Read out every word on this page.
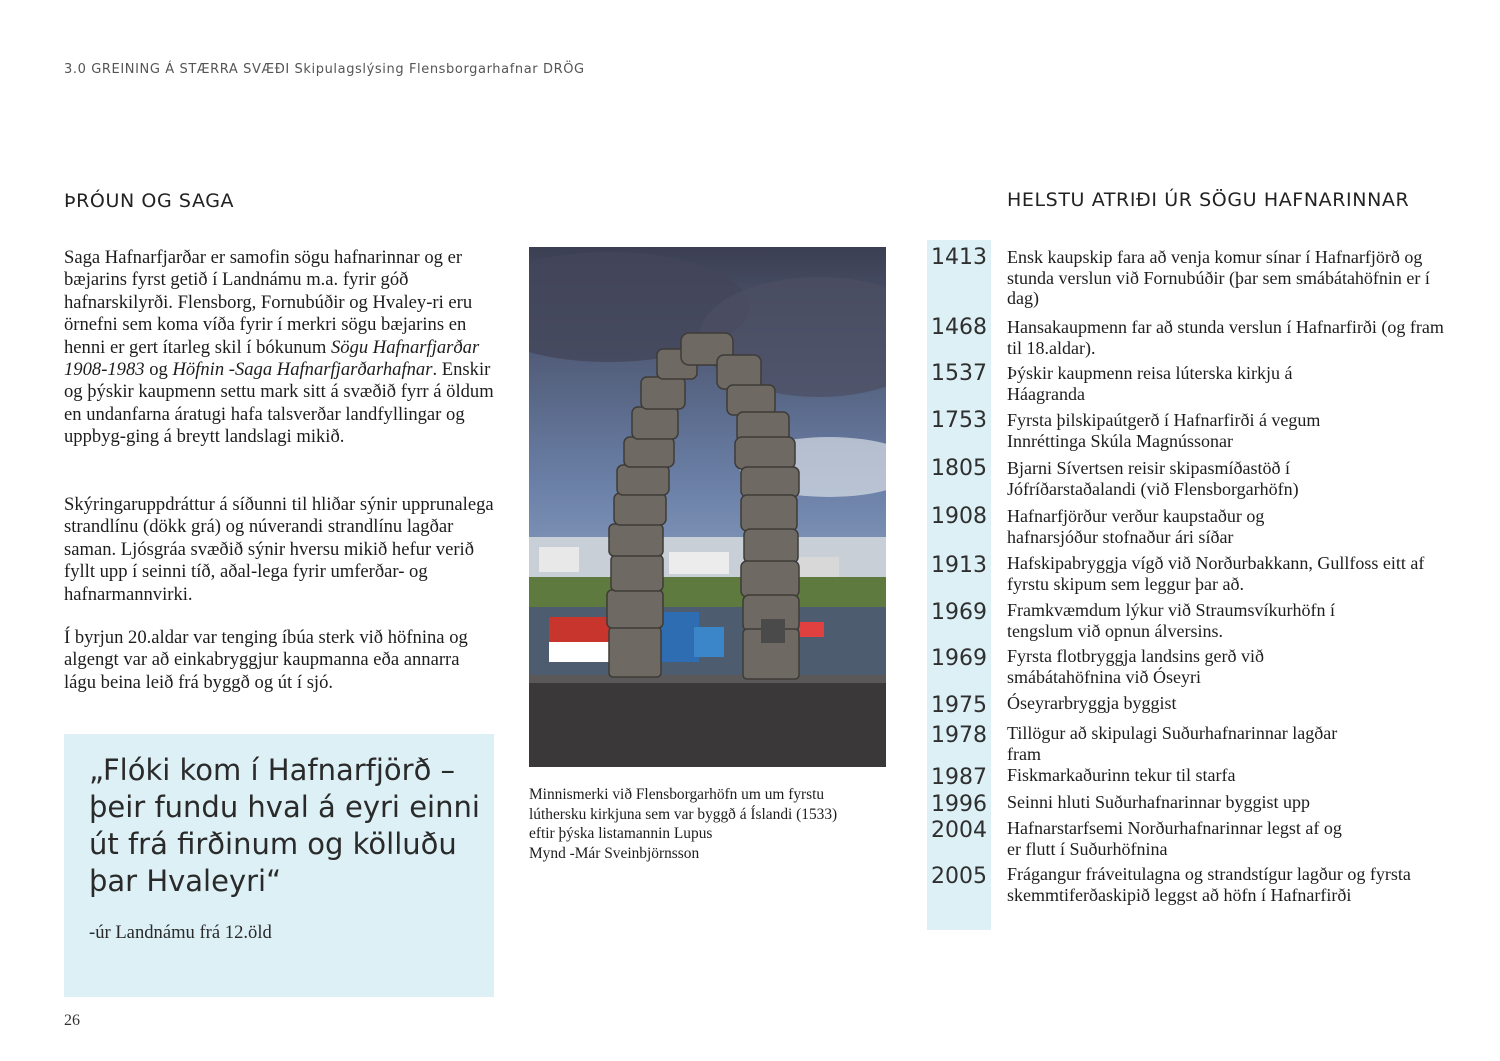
3.0 GREINING Á STÆRRA SVÆÐI Skipulagslýsing Flensborgarhafnar DRÖG
ÞRÓUN OG SAGA	HELSTU ATRIÐI ÚR SÖGU HAFNARINNAR

Saga Hafnarfjarðar er samofin sögu hafnarinnar og er bæjarins fyrst getið í Landnámu m.a. fyrir góð hafnarskilyrði. Flensborg, Fornubúðir og Hvaley-ri eru örnefni sem koma víða fyrir í merkri sögu bæjarins en henni er gert ítarleg skil í bókunum Sögu Hafnarfjarðar 1908-1983 og Höfnin -Saga Hafnarfjarðarhafnar. Enskir og þýskir kaupmenn settu mark sitt á svæðið fyrr á öldum en undanfarna áratugi hafa talsverðar landfyllingar og uppbyg-ging á breytt landslagi mikið.

Skýringaruppdráttur á síðunni til hliðar sýnir upprunalega strandlínu (dökk grá) og núverandi strandlínu lagðar saman. Ljósgráa svæðið sýnir hversu mikið hefur verið fyllt upp í seinni tíð, aðal-lega fyrir umferðar- og hafnarmannvirki.

Í byrjun 20.aldar var tenging íbúa sterk við höfnina og algengt var að einkabryggjur kaupmanna eða annarra lágu beina leið frá byggð og út í sjó.

„Flóki kom í Hafnarfjörð –þeir fundu hval á eyri einni út frá firðinum og kölluðu þar Hvaleyri“
-úr Landnámu frá 12.öld
Minnismerki við Flensborgarhöfn um um fyrstu
lúthersku kirkjuna sem var byggð á Íslandi (1533)
eftir þýska listamannin Lupus
Mynd -Már Sveinbjörnsson
1413 Ensk kaupskip fara að venja komur sínar í Hafnarfjörð og stunda verslun við Fornubúðir (þar sem smábátahöfnin er í dag)
1468 Hansakaupmenn far að stunda verslun í Hafnarfirði (og fram til 18.aldar).
1537 Þýskir kaupmenn reisa lúterska kirkju á Háagranda
1753 Fyrsta þilskipaútgerð í Hafnarfirði á vegum Innréttinga Skúla Magnússonar
1805 Bjarni Sívertsen reisir skipasmíðastöð í Jófríðarstaðalandi (við Flensborgarhöfn)
1908 Hafnarfjörður verður kaupstaður og hafnarsjóður stofnaður ári síðar
1913 Hafskipabryggja vígð við Norðurbakkann, Gullfoss eitt af fyrstu skipum sem leggur þar að.
1969 Framkvæmdum lýkur við Straumsvíkurhöfn í tengslum við opnun álversins.
1969 Fyrsta flotbryggja landsins gerð við smábátahöfnina við Óseyri
1975 Óseyrarbryggja byggist
1978 Tillögur að skipulagi Suðurhafnarinnar lagðar fram
1987 Fiskmarkaðurinn tekur til starfa
1996 Seinni hluti Suðurhafnarinnar byggist upp
2004 Hafnarstarfsemi Norðurhafnarinnar legst af og er flutt í Suðurhöfnina
2005 Frágangur fráveitulagna og strandstígur lagður og fyrsta skemmtiferðaskipið leggst að höfn í Hafnarfirði
26
